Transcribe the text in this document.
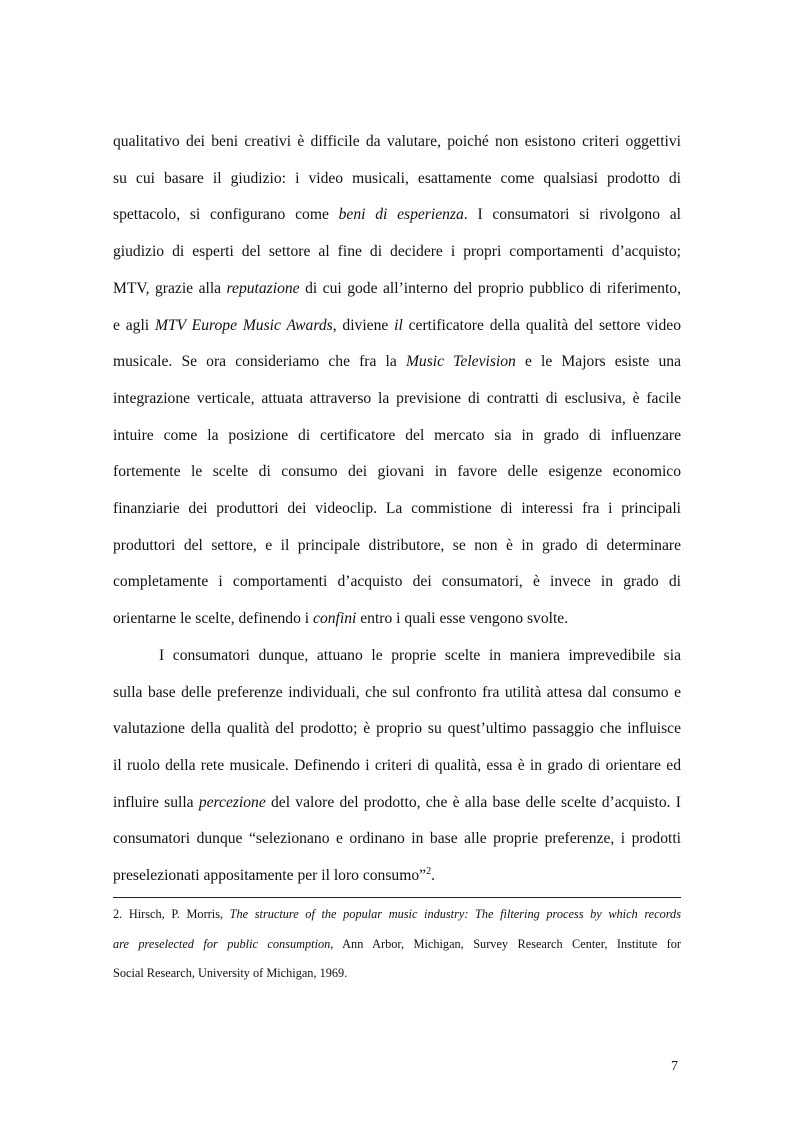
qualitativo dei beni creativi è difficile da valutare, poiché non esistono criteri oggettivi
su cui basare il giudizio: i video musicali, esattamente come qualsiasi prodotto di
spettacolo, si configurano come beni di esperienza. I consumatori si rivolgono al
giudizio di esperti del settore al fine di decidere i propri comportamenti d’acquisto;
MTV, grazie alla reputazione di cui gode all’interno del proprio pubblico di riferimento,
e agli MTV Europe Music Awards, diviene il certificatore della qualità del settore video
musicale. Se ora consideriamo che fra la Music Television e le Majors esiste una
integrazione verticale, attuata attraverso la previsione di contratti di esclusiva, è facile
intuire come la posizione di certificatore del mercato sia in grado di influenzare
fortemente le scelte di consumo dei giovani in favore delle esigenze economico
finanziarie dei produttori dei videoclip. La commistione di interessi fra i principali
produttori del settore, e il principale distributore, se non è in grado di determinare
completamente i comportamenti d’acquisto dei consumatori, è invece in grado di
orientarne le scelte, definendo i confini entro i quali esse vengono svolte.

I consumatori dunque, attuano le proprie scelte in maniera imprevedibile sia
sulla base delle preferenze individuali, che sul confronto fra utilità attesa dal consumo e
valutazione della qualità del prodotto; è proprio su quest’ultimo passaggio che influisce
il ruolo della rete musicale. Definendo i criteri di qualità, essa è in grado di orientare ed
influire sulla percezione del valore del prodotto, che è alla base delle scelte d’acquisto. I
consumatori dunque “selezionano e ordinano in base alle proprie preferenze, i prodotti
preselezionati appositamente per il loro consumo”$^2$.

2. Hirsch, P. Morris, The structure of the popular music industry: The filtering process by which records
are preselected for public consumption, Ann Arbor, Michigan, Survey Research Center, Institute for
Social Research, University of Michigan, 1969.
7
